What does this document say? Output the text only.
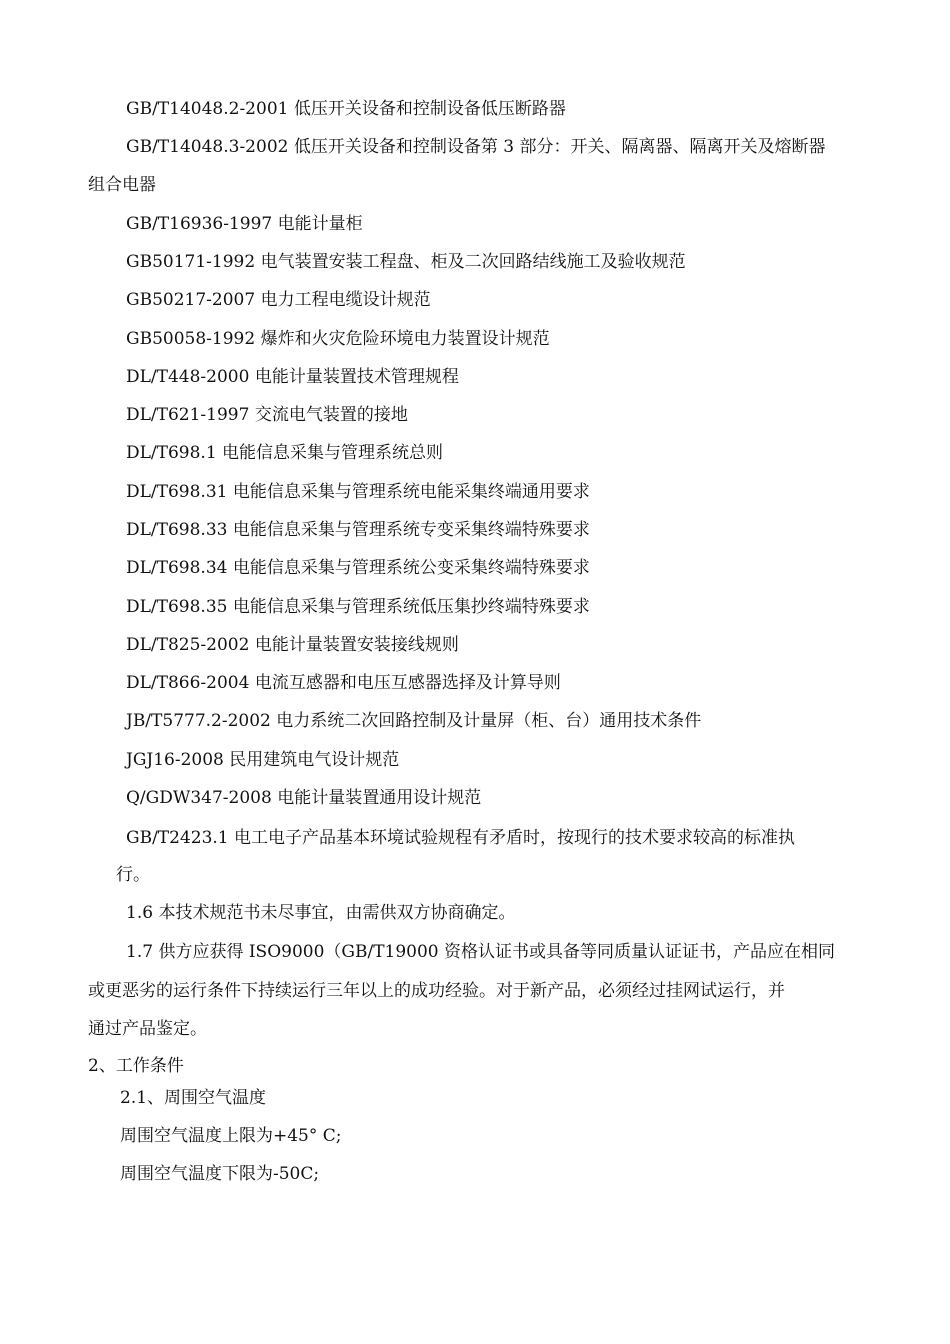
GB/T14048.2-2001 低压开关设备和控制设备低压断路器
GB/T14048.3-2002 低压开关设备和控制设备第 3 部分：开关、隔离器、隔离开关及熔断器
组合电器
GB/T16936-1997 电能计量柜
GB50171-1992 电气装置安装工程盘、柜及二次回路结线施工及验收规范
GB50217-2007 电力工程电缆设计规范
GB50058-1992 爆炸和火灾危险环境电力装置设计规范
DL/T448-2000 电能计量装置技术管理规程
DL/T621-1997 交流电气装置的接地
DL/T698.1 电能信息采集与管理系统总则
DL/T698.31 电能信息采集与管理系统电能采集终端通用要求
DL/T698.33 电能信息采集与管理系统专变采集终端特殊要求
DL/T698.34 电能信息采集与管理系统公变采集终端特殊要求
DL/T698.35 电能信息采集与管理系统低压集抄终端特殊要求
DL/T825-2002 电能计量装置安装接线规则
DL/T866-2004 电流互感器和电压互感器选择及计算导则
JB/T5777.2-2002 电力系统二次回路控制及计量屏（柜、台）通用技术条件
JGJ16-2008 民用建筑电气设计规范
Q/GDW347-2008 电能计量装置通用设计规范
GB/T2423.1 电工电子产品基本环境试验规程有矛盾时，按现行的技术要求较高的标准执
行。
1.6 本技术规范书未尽事宜，由需供双方协商确定。
1.7 供方应获得 ISO9000（GB/T19000 资格认证书或具备等同质量认证证书，产品应在相同
或更恶劣的运行条件下持续运行三年以上的成功经验。对于新产品，必须经过挂网试运行，并
通过产品鉴定。
2、工作条件
2.1、周围空气温度
周围空气温度上限为+45° C;
周围空气温度下限为-50C;
